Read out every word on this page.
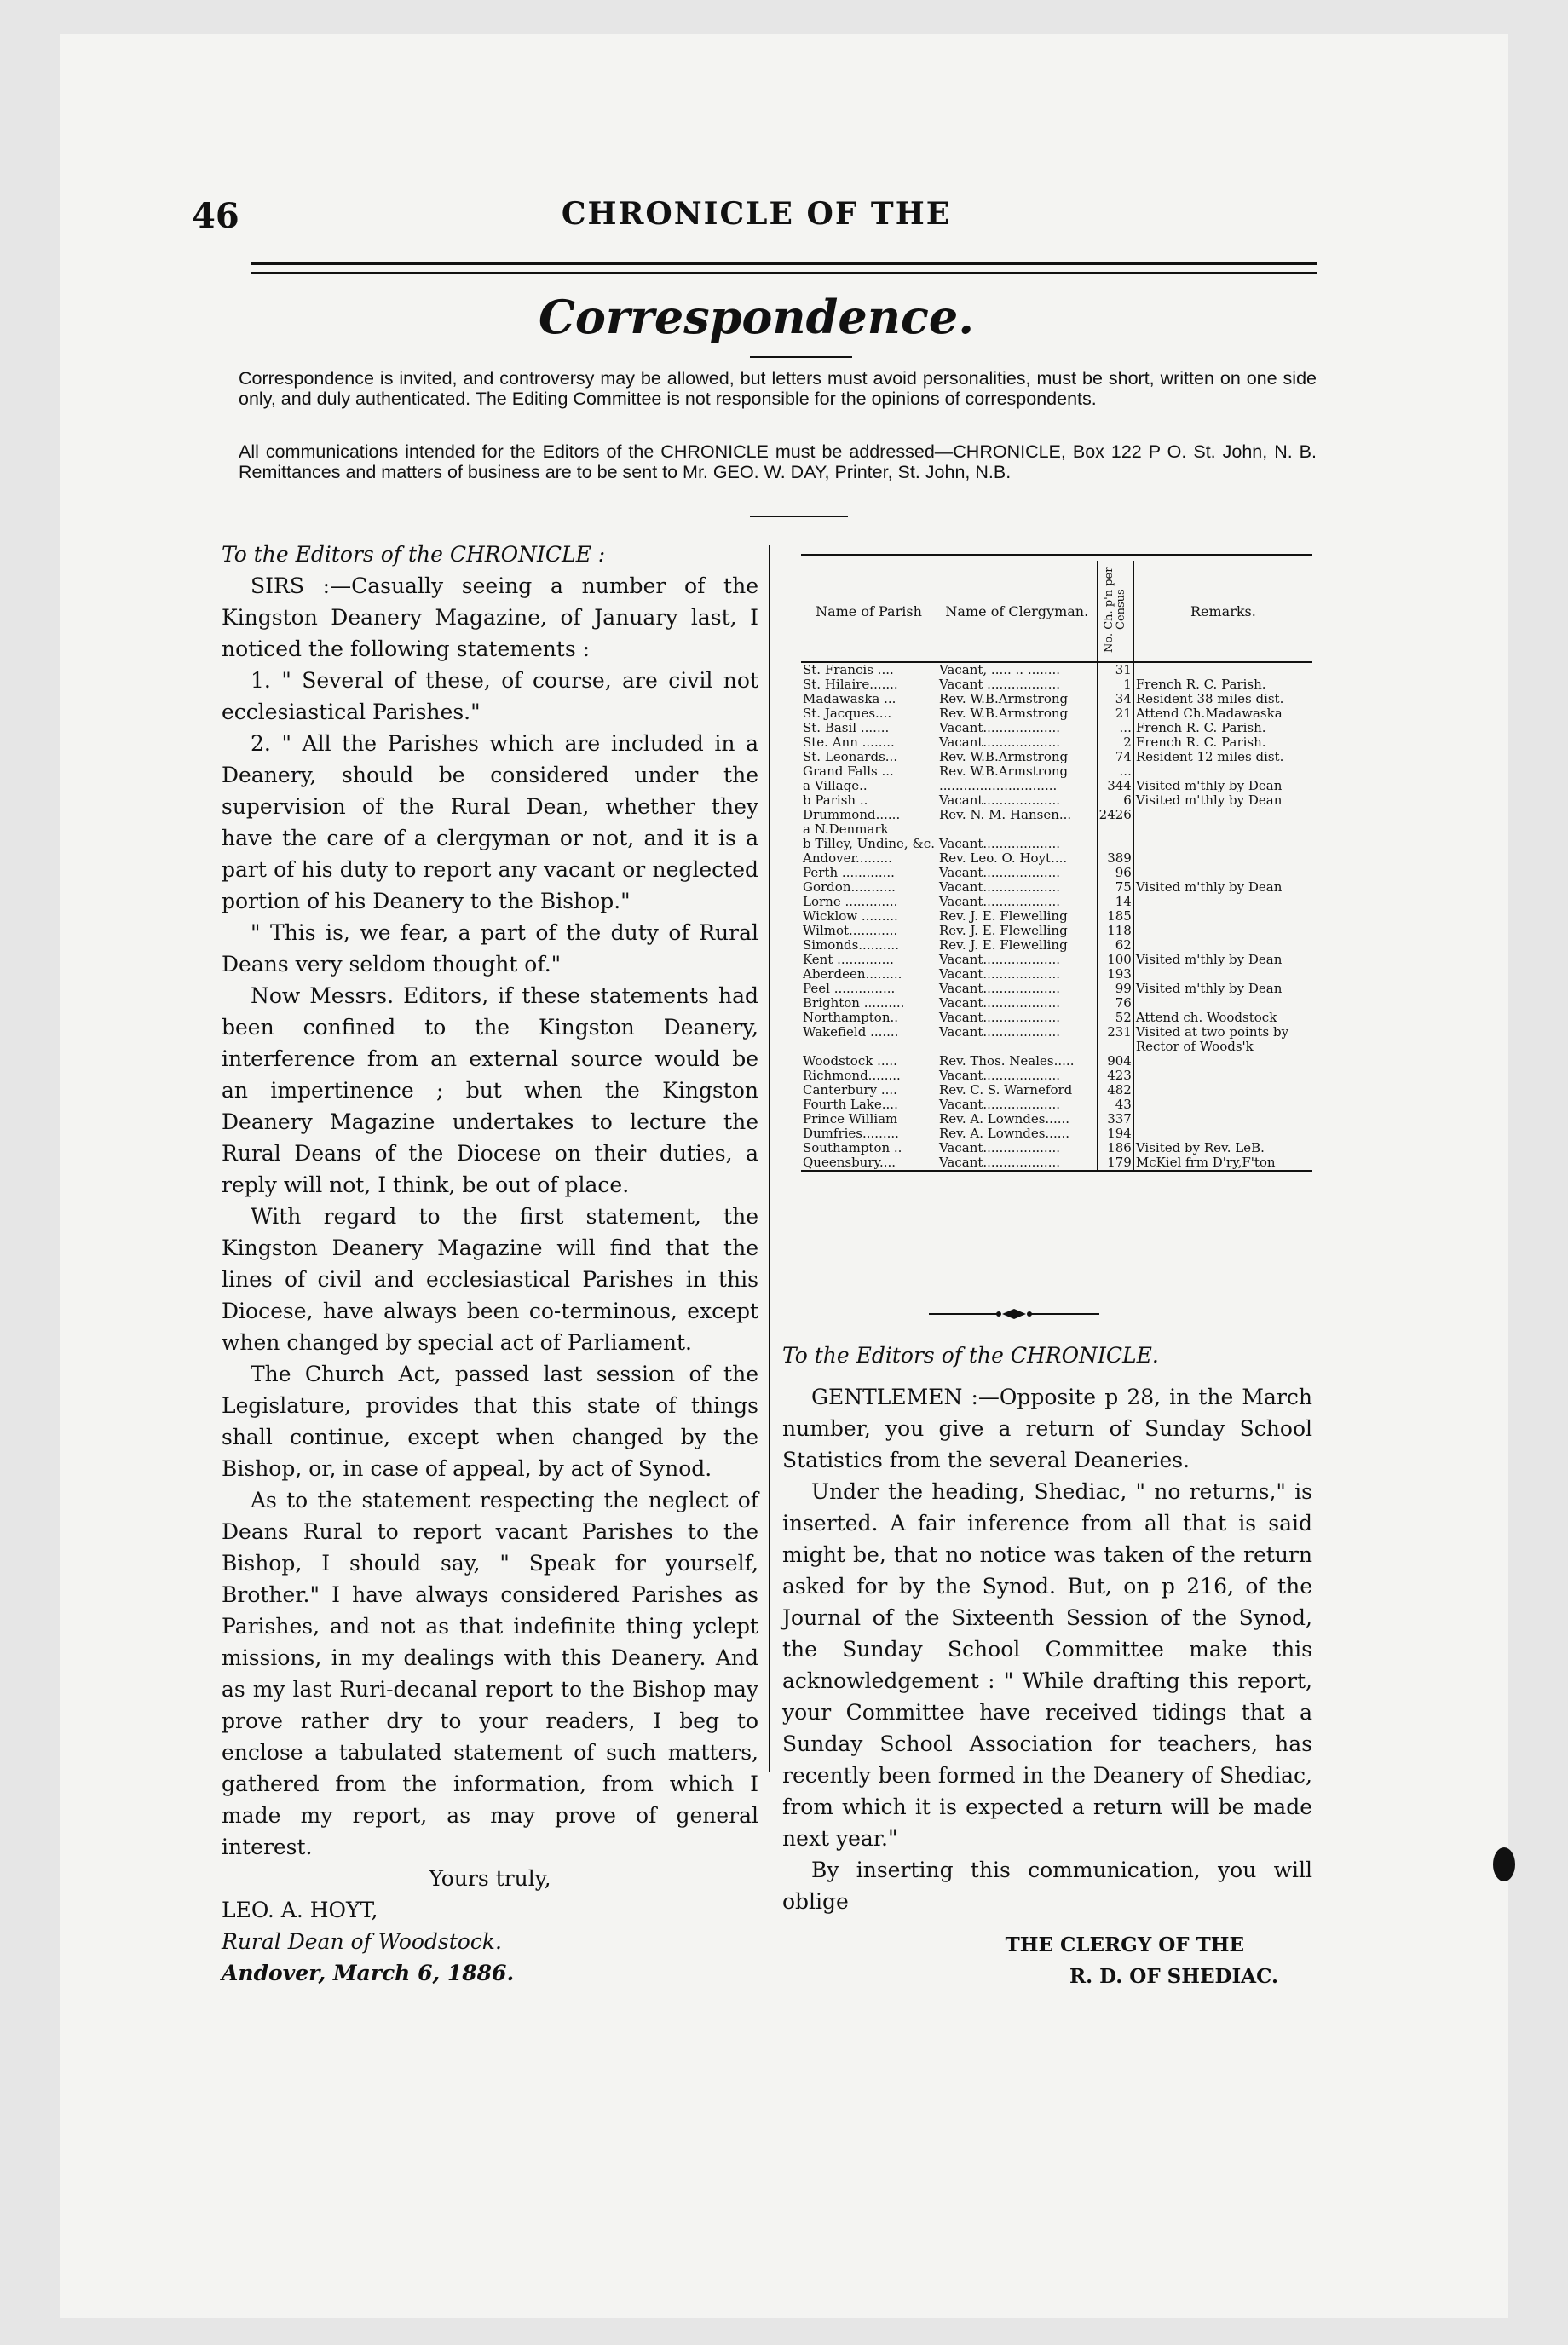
46	CHRONICLE OF THE
Correspondence.
Correspondence is invited, and controversy may be allowed, but letters must avoid personalities, must be short, written on one side only, and duly authenticated. The Editing Committee is not responsible for the opinions of correspondents.
All communications intended for the Editors of the CHRONICLE must be addressed—CHRONICLE, Box 122 P O. St. John, N. B. Remittances and matters of business are to be sent to Mr. GEO. W. DAY, Printer, St. John, N.B.

To the Editors of the CHRONICLE :

SIRS :—Casually seeing a number of the Kingston Deanery Magazine, of January last, I noticed the following statements :

1. " Several of these, of course, are civil not ecclesiastical Parishes."

2. " All the Parishes which are included in a Deanery, should be considered under the supervision of the Rural Dean, whether they have the care of a clergyman or not, and it is a part of his duty to report any vacant or neglected portion of his Deanery to the Bishop."

" This is, we fear, a part of the duty of Rural Deans very seldom thought of."

Now Messrs. Editors, if these statements had been confined to the Kingston Deanery, interference from an external source would be an impertinence ; but when the Kingston Deanery Magazine undertakes to lecture the Rural Deans of the Diocese on their duties, a reply will not, I think, be out of place.

With regard to the first statement, the Kingston Deanery Magazine will find that the lines of civil and ecclesiastical Parishes in this Diocese, have always been co-terminous, except when changed by special act of Parliament.

The Church Act, passed last session of the Legislature, provides that this state of things shall continue, except when changed by the Bishop, or, in case of appeal, by act of Synod.

As to the statement respecting the neglect of Deans Rural to report vacant Parishes to the Bishop, I should say, " Speak for yourself, Brother." I have always considered Parishes as Parishes, and not as that indefinite thing yclept missions, in my dealings with this Deanery. And as my last Ruri-decanal report to the Bishop may prove rather dry to your readers, I beg to enclose a tabulated statement of such matters, gathered from the information, from which I made my report, as may prove of general interest.

Yours truly,

LEO. A. HOYT,

Rural Dean of Woodstock.

Andover, March 6, 1886.

Name of Parish	Name of Clergyman.	No. Ch. p'n per Census	Remarks.
St. Francis ....	Vacant, ..... .. ........	31	
St. Hilaire.......	Vacant ..................	1	French R. C. Parish.
Madawaska ...	Rev. W.B.Armstrong	34	Resident 38 miles dist.
St. Jacques....	Rev. W.B.Armstrong	21	Attend Ch.Madawaska
St. Basil .......	Vacant...................	...	French R. C. Parish.
Ste. Ann ........	Vacant...................	2	French R. C. Parish.
St. Leonards...	Rev. W.B.Armstrong	74	Resident 12 miles dist.
Grand Falls ...	Rev. W.B.Armstrong	...	
a Village..	.............................	344	Visited m'thly by Dean
b Parish ..	Vacant...................	6	Visited m'thly by Dean
Drummond......	Rev. N. M. Hansen...	2426	
a N.Denmark			
b Tilley, Undine, &c.	Vacant...................		
Andover.........	Rev. Leo. O. Hoyt....	389	
Perth .............	Vacant...................	96	
Gordon...........	Vacant...................	75	Visited m'thly by Dean
Lorne .............	Vacant...................	14	
Wicklow .........	Rev. J. E. Flewelling	185	
Wilmot............	Rev. J. E. Flewelling	118	
Simonds..........	Rev. J. E. Flewelling	62	
Kent ..............	Vacant...................	100	Visited m'thly by Dean
Aberdeen.........	Vacant...................	193	
Peel ...............	Vacant...................	99	Visited m'thly by Dean
Brighton ..........	Vacant...................	76	
Northampton..	Vacant...................	52	Attend ch. Woodstock
Wakefield .......	Vacant...................	231	Visited at two points by Rector of Woods'k
Woodstock .....	Rev. Thos. Neales.....	904	
Richmond........	Vacant...................	423	
Canterbury ....	Rev. C. S. Warneford	482	
Fourth Lake....	Vacant...................	43	
Prince William	Rev. A. Lowndes......	337	
Dumfries.........	Rev. A. Lowndes......	194	
Southampton ..	Vacant...................	186	Visited by Rev. LeB.
Queensbury....	Vacant...................	179	McKiel frm D'ry,F'ton

To the Editors of the CHRONICLE.

GENTLEMEN :—Opposite p 28, in the March number, you give a return of Sunday School Statistics from the several Deaneries.

Under the heading, Shediac, " no returns," is inserted. A fair inference from all that is said might be, that no notice was taken of the return asked for by the Synod. But, on p 216, of the Journal of the Sixteenth Session of the Synod, the Sunday School Committee make this acknowledgement : " While drafting this report, your Committee have received tidings that a Sunday School Association for teachers, has recently been formed in the Deanery of Shediac, from which it is expected a return will be made next year."

By inserting this communication, you will oblige

THE CLERGY OF THE

R. D. OF SHEDIAC.
